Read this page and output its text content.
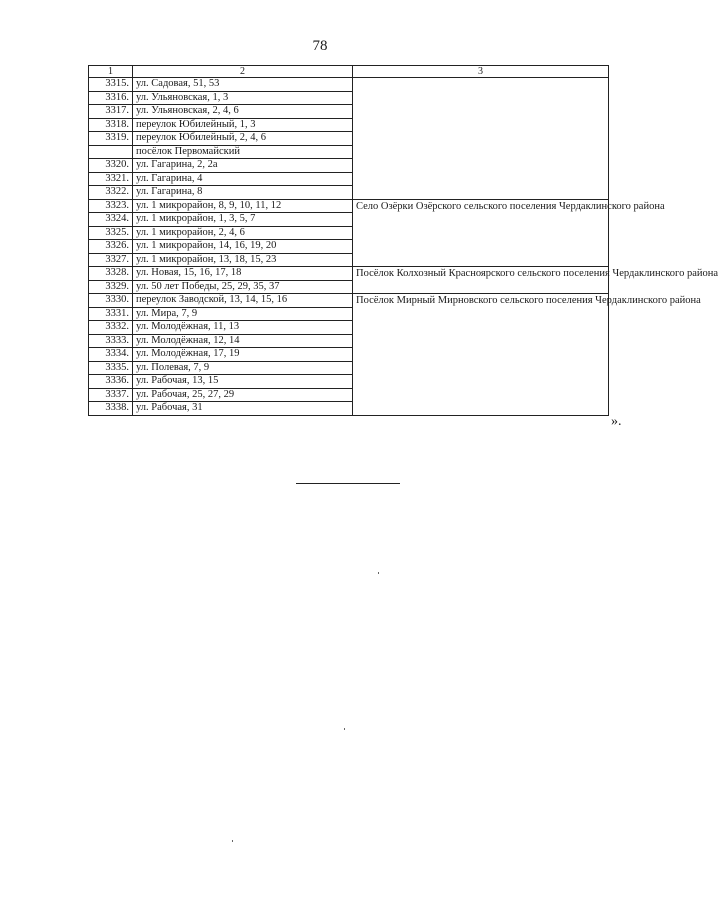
78
1	2	3
3315.	ул. Садовая, 51, 53	
3316.	ул. Ульяновская, 1, 3	
3317.	ул. Ульяновская, 2, 4, 6	
3318.	переулок Юбилейный, 1, 3	
3319.	переулок Юбилейный, 2, 4, 6	
	посёлок Первомайский	
3320.	ул. Гагарина, 2, 2а	
3321.	ул. Гагарина, 4	
3322.	ул. Гагарина, 8	
3323.	ул. 1 микрорайон, 8, 9, 10, 11, 12	Село Озёрки Озёрского сельского поселения Чердаклинского района
3324.	ул. 1 микрорайон, 1, 3, 5, 7	
3325.	ул. 1 микрорайон, 2, 4, 6	
3326.	ул. 1 микрорайон, 14, 16, 19, 20	
3327.	ул. 1 микрорайон, 13, 18, 15, 23	
3328.	ул. Новая, 15, 16, 17, 18	Посёлок Колхозный Красноярского сельского поселения Чердаклинского района
3329.	ул. 50 лет Победы, 25, 29, 35, 37	
3330.	переулок Заводской, 13, 14, 15, 16	Посёлок Мирный Мирновского сельского поселения Чердаклинского района
3331.	ул. Мира, 7, 9	
3332.	ул. Молодёжная, 11, 13	
3333.	ул. Молодёжная, 12, 14	
3334.	ул. Молодёжная, 17, 19	
3335.	ул. Полевая, 7, 9	
3336.	ул. Рабочая, 13, 15	
3337.	ул. Рабочая, 25, 27, 29	
3338.	ул. Рабочая, 31	
».
